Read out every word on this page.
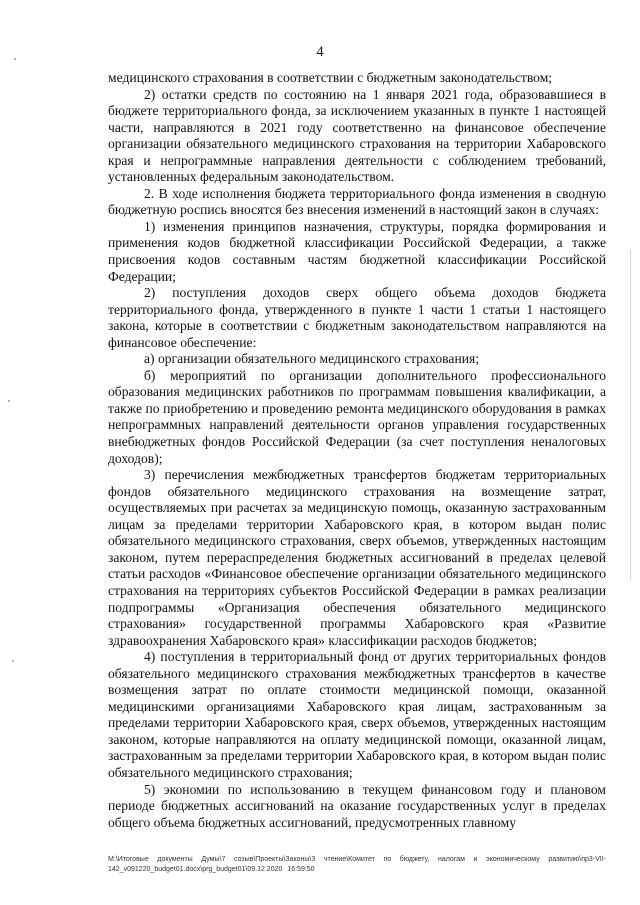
4

медицинского страхования в соответствии с бюджетным законодательством;

2) остатки средств по состоянию на 1 января 2021 года, образовавшиеся в бюджете территориального фонда, за исключением указанных в пункте 1 настоящей части, направляются в 2021 году соответственно на финансовое обеспечение организации обязательного медицинского страхования на территории Хабаровского края и непрограммные направления деятельности с соблюдением требований, установленных федеральным законодательством.

2. В ходе исполнения бюджета территориального фонда изменения в сводную бюджетную роспись вносятся без внесения изменений в настоящий закон в случаях:

1) изменения принципов назначения, структуры, порядка формирования и применения кодов бюджетной классификации Российской Федерации, а также присвоения кодов составным частям бюджетной классификации Российской Федерации;

2) поступления доходов сверх общего объема доходов бюджета территориального фонда, утвержденного в пункте 1 части 1 статьи 1 настоящего закона, которые в соответствии с бюджетным законодательством направляются на финансовое обеспечение:

а) организации обязательного медицинского страхования;

б) мероприятий по организации дополнительного профессионального образования медицинских работников по программам повышения квалификации, а также по приобретению и проведению ремонта медицинского оборудования в рамках непрограммных направлений деятельности органов управления государственных внебюджетных фондов Российской Федерации (за счет поступления неналоговых доходов);

3) перечисления межбюджетных трансфертов бюджетам территориальных фондов обязательного медицинского страхования на возмещение затрат, осуществляемых при расчетах за медицинскую помощь, оказанную застрахованным лицам за пределами территории Хабаровского края, в котором выдан полис обязательного медицинского страхования, сверх объемов, утвержденных настоящим законом, путем перераспределения бюджетных ассигнований в пределах целевой статьи расходов «Финансовое обеспечение организации обязательного медицинского страхования на территориях субъектов Российской Федерации в рамках реализации подпрограммы «Организация обеспечения обязательного медицинского страхования» государственной программы Хабаровского края «Развитие здравоохранения Хабаровского края» классификации расходов бюджетов;

4) поступления в территориальный фонд от других территориальных фондов обязательного медицинского страхования межбюджетных трансфертов в качестве возмещения затрат по оплате стоимости медицинской помощи, оказанной медицинскими организациями Хабаровского края лицам, застрахованным за пределами территории Хабаровского края, сверх объемов, утвержденных настоящим законом, которые направляются на оплату медицинской помощи, оказанной лицам, застрахованным за пределами территории Хабаровского края, в котором выдан полис обязательного медицинского страхования;

5) экономии по использованию в текущем финансовом году и плановом периоде бюджетных ассигнований на оказание государственных услуг в пределах общего объема бюджетных ассигнований, предусмотренных главному

M:\Итоговые документы Думы\7 созыв\Проекты\Законы\3 чтение\Комитет по бюджету, налогам и экономическому развитию\пр3-VII-142_v091220_budget01.docx\prg_budget01\09.12.2020 16:59:50
